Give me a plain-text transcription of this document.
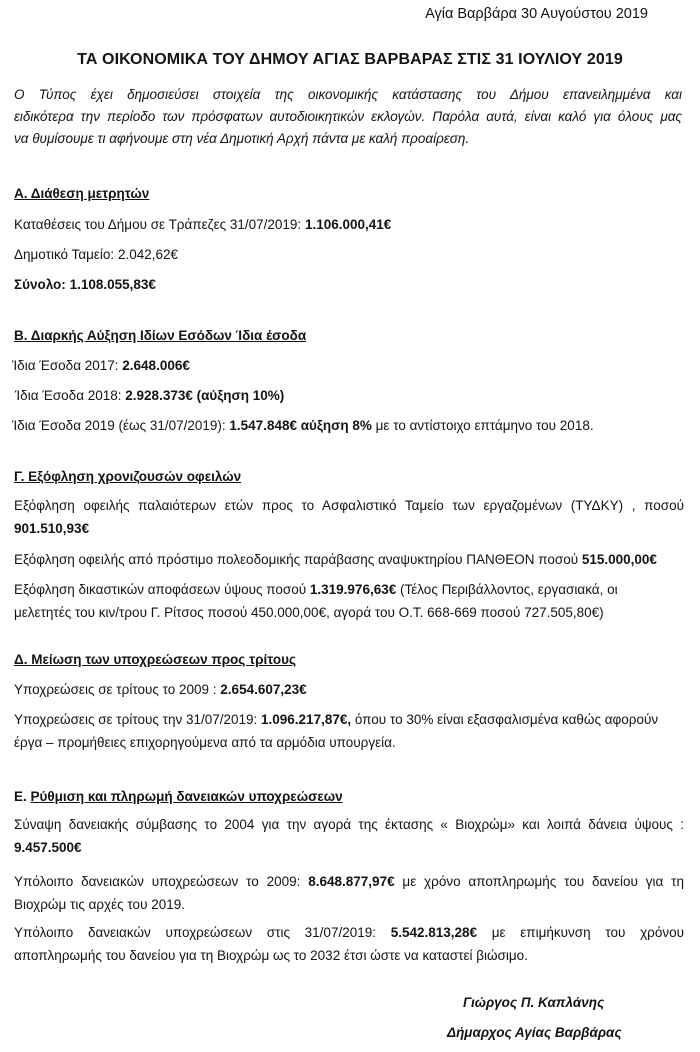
Αγία Βαρβάρα 30 Αυγούστου 2019
ΤΑ ΟΙΚΟΝΟΜΙΚΑ ΤΟΥ ΔΗΜΟΥ ΑΓΙΑΣ ΒΑΡΒΑΡΑΣ ΣΤΙΣ 31 ΙΟΥΛΙΟΥ 2019
Ο Τύπος έχει δημοσιεύσει στοιχεία της οικονομικής κατάστασης του Δήμου επανειλημμένα και
ειδικότερα την περίοδο των πρόσφατων αυτοδιοικητικών εκλογών. Παρόλα αυτά, είναι καλό για όλους μας
να θυμίσουμε τι αφήνουμε στη νέα Δημοτική Αρχή πάντα με καλή προαίρεση.
Α. Διάθεση μετρητών
Καταθέσεις του Δήμου σε Τράπεζες 31/07/2019: 1.106.000,41€
Δημοτικό Ταμείο: 2.042,62€
Σύνολο: 1.108.055,83€
Β. Διαρκής Αύξηση Ιδίων Εσόδων Ίδια έσοδα
Ίδια Έσοδα 2017: 2.648.006€
Ίδια Έσοδα 2018: 2.928.373€ (αύξηση 10%)
Ίδια Έσοδα 2019 (έως 31/07/2019): 1.547.848€ αύξηση 8% με το αντίστοιχο επτάμηνο του 2018.
Γ. Εξόφληση χρονιζουσών οφειλών
Εξόφληση οφειλής παλαιότερων ετών προς το Ασφαλιστικό Ταμείο των εργαζομένων (ΤΥΔΚΥ) , ποσού
901.510,93€
Εξόφληση οφειλής από πρόστιμο πολεοδομικής παράβασης αναψυκτηρίου ΠΑΝΘΕΟΝ ποσού 515.000,00€
Εξόφληση δικαστικών αποφάσεων ύψους ποσού 1.319.976,63€ (Τέλος Περιβάλλοντος, εργασιακά, οι
μελετητές του κιν/τρου Γ. Ρίτσος ποσού 450.000,00€, αγορά του Ο.Τ. 668-669 ποσού 727.505,80€)
Δ. Μείωση των υποχρεώσεων προς τρίτους
Υποχρεώσεις σε τρίτους το 2009 : 2.654.607,23€
Υποχρεώσεις σε τρίτους την 31/07/2019: 1.096.217,87€, όπου το 30% είναι εξασφαλισμένα καθώς αφορούν
έργα – προμήθειες επιχορηγούμενα από τα αρμόδια υπουργεία.
Ε. Ρύθμιση και πληρωμή δανειακών υποχρεώσεων
Σύναψη δανειακής σύμβασης το 2004 για την αγορά της έκτασης « Βιοχρώμ» και λοιπά δάνεια ύψους :
9.457.500€
Υπόλοιπο δανειακών υποχρεώσεων το 2009: 8.648.877,97€ με χρόνο αποπληρωμής του δανείου για τη
Βιοχρώμ τις αρχές του 2019.
Υπόλοιπο δανειακών υποχρεώσεων στις 31/07/2019: 5.542.813,28€ με επιμήκυνση του χρόνου
αποπληρωμής του δανείου για τη Βιοχρώμ ως το 2032 έτσι ώστε να καταστεί βιώσιμο.
Γιώργος Π. Καπλάνης
Δήμαρχος Αγίας Βαρβάρας
